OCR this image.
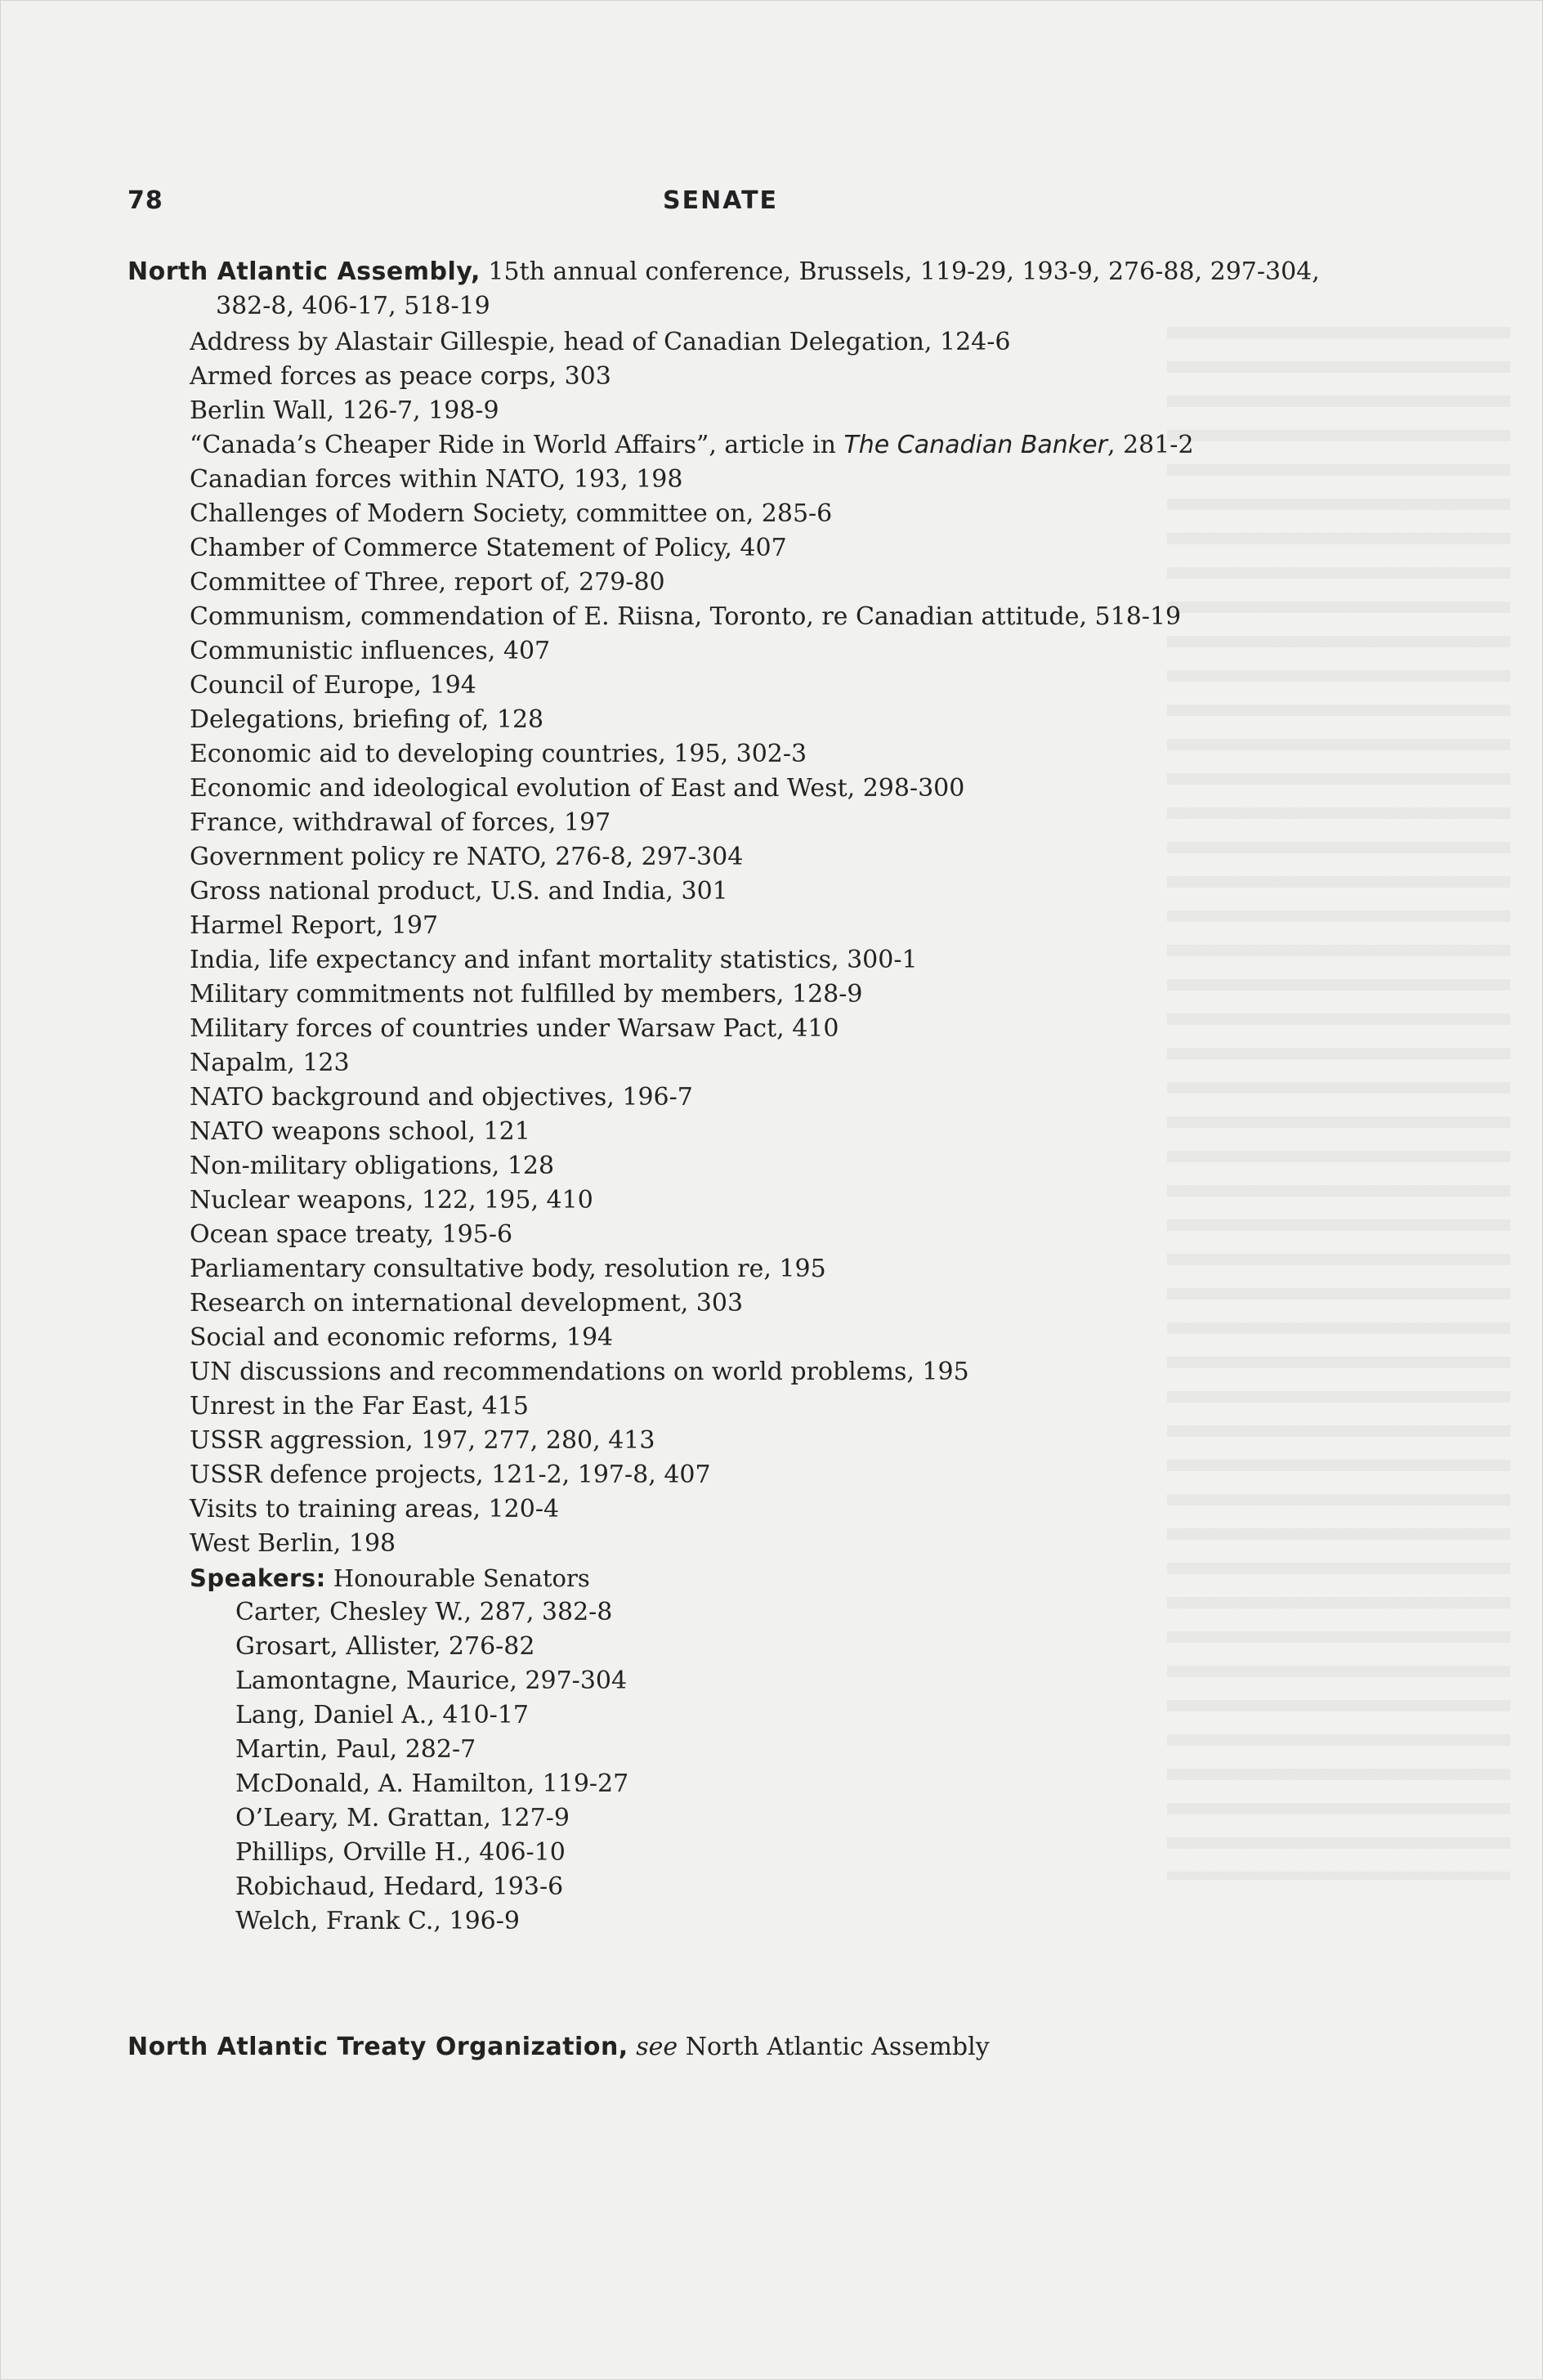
78	SENATE
North Atlantic Assembly, 15th annual conference, Brussels, 119-29, 193-9, 276-88, 297-304,
382-8, 406-17, 518-19
Address by Alastair Gillespie, head of Canadian Delegation, 124-6
Armed forces as peace corps, 303
Berlin Wall, 126-7, 198-9
“Canada’s Cheaper Ride in World Affairs”, article in The Canadian Banker, 281-2
Canadian forces within NATO, 193, 198
Challenges of Modern Society, committee on, 285-6
Chamber of Commerce Statement of Policy, 407
Committee of Three, report of, 279-80
Communism, commendation of E. Riisna, Toronto, re Canadian attitude, 518-19
Communistic influences, 407
Council of Europe, 194
Delegations, briefing of, 128
Economic aid to developing countries, 195, 302-3
Economic and ideological evolution of East and West, 298-300
France, withdrawal of forces, 197
Government policy re NATO, 276-8, 297-304
Gross national product, U.S. and India, 301
Harmel Report, 197
India, life expectancy and infant mortality statistics, 300-1
Military commitments not fulfilled by members, 128-9
Military forces of countries under Warsaw Pact, 410
Napalm, 123
NATO background and objectives, 196-7
NATO weapons school, 121
Non-military obligations, 128
Nuclear weapons, 122, 195, 410
Ocean space treaty, 195-6
Parliamentary consultative body, resolution re, 195
Research on international development, 303
Social and economic reforms, 194
UN discussions and recommendations on world problems, 195
Unrest in the Far East, 415
USSR aggression, 197, 277, 280, 413
USSR defence projects, 121-2, 197-8, 407
Visits to training areas, 120-4
West Berlin, 198
Speakers: Honourable Senators
Carter, Chesley W., 287, 382-8
Grosart, Allister, 276-82
Lamontagne, Maurice, 297-304
Lang, Daniel A., 410-17
Martin, Paul, 282-7
McDonald, A. Hamilton, 119-27
O’Leary, M. Grattan, 127-9
Phillips, Orville H., 406-10
Robichaud, Hedard, 193-6
Welch, Frank C., 196-9
North Atlantic Treaty Organization, see North Atlantic Assembly
